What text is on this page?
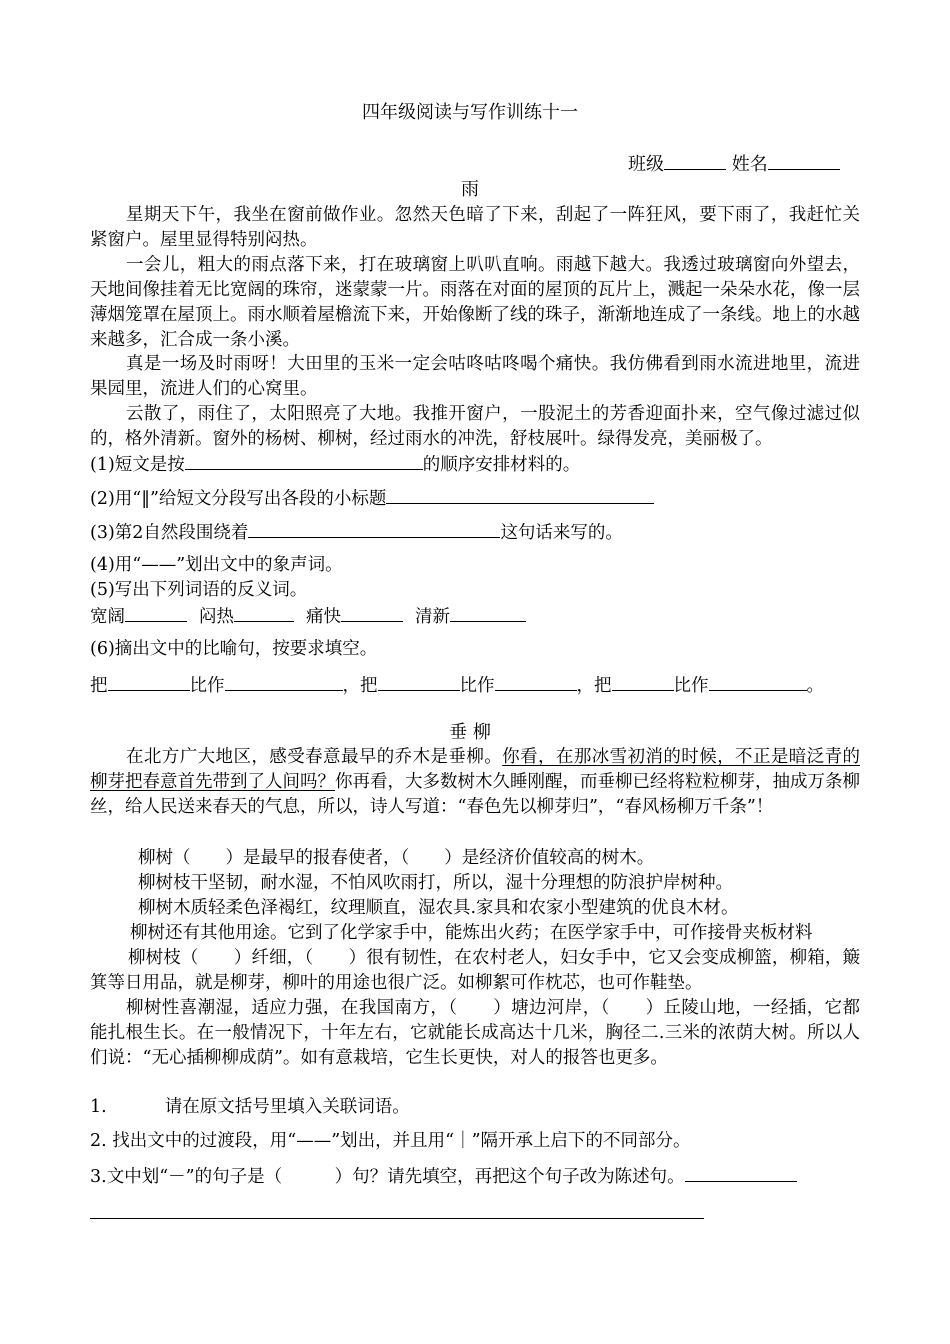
四年级阅读与写作训练十一
班级	姓名
雨
星期天下午，我坐在窗前做作业。忽然天色暗了下来，刮起了一阵狂风，要下雨了，我赶忙关紧窗户。屋里显得特别闷热。
一会儿，粗大的雨点落下来，打在玻璃窗上叭叭直响。雨越下越大。我透过玻璃窗向外望去，天地间像挂着无比宽阔的珠帘，迷蒙蒙一片。雨落在对面的屋顶的瓦片上，溅起一朵朵水花，像一层薄烟笼罩在屋顶上。雨水顺着屋檐流下来，开始像断了线的珠子，渐渐地连成了一条线。地上的水越来越多，汇合成一条小溪。
真是一场及时雨呀！大田里的玉米一定会咕咚咕咚喝个痛快。我仿佛看到雨水流进地里，流进果园里，流进人们的心窝里。
云散了，雨住了，太阳照亮了大地。我推开窗户，一股泥土的芳香迎面扑来，空气像过滤过似的，格外清新。窗外的杨树、柳树，经过雨水的冲洗，舒枝展叶。绿得发亮，美丽极了。
(1)短文是按	的顺序安排材料的。
(2)用“‖”给短文分段写出各段的小标题
(3)第2自然段围绕着	这句话来写的。
(4)用“——”划出文中的象声词。
(5)写出下列词语的反义词。
宽阔	闷热	痛快	清新
(6)摘出文中的比喻句，按要求填空。
把	比作	，把	比作	，把	比作	。
垂 柳
在北方广大地区，感受春意最早的乔木是垂柳。你看，在那冰雪初消的时候，不正是暗泛青的柳芽把春意首先带到了人间吗？你再看，大多数树木久睡刚醒，而垂柳已经将粒粒柳芽，抽成万条柳丝，给人民送来春天的气息，所以，诗人写道：“春色先以柳芽归”，“春风杨柳万千条”！
柳树（　　）是最早的报春使者，（　　）是经济价值较高的树木。
柳树枝干坚韧，耐水湿，不怕风吹雨打，所以，湿十分理想的防浪护岸树种。
柳树木质轻柔色泽褐红，纹理顺直，湿农具.家具和农家小型建筑的优良木材。
柳树还有其他用途。它到了化学家手中，能炼出火药；在医学家手中，可作接骨夹板材料
柳树枝（　　）纤细，（　　）很有韧性，在农村老人，妇女手中，它又会变成柳篮，柳箱，簸箕等日用品，就是柳芽，柳叶的用途也很广泛。如柳絮可作枕芯，也可作鞋垫。
柳树性喜潮湿，适应力强，在我国南方，（　　）塘边河岸，（　　）丘陵山地，一经插，它都能扎根生长。在一般情况下，十年左右，它就能长成高达十几米，胸径二.三米的浓荫大树。所以人们说：“无心插柳柳成荫”。如有意栽培，它生长更快，对人的报答也更多。
1.	请在原文括号里填入关联词语。
2. 找出文中的过渡段，用“——”划出，并且用“｜”隔开承上启下的不同部分。
3.文中划“－”的句子是（　　　）句？请先填空，再把这个句子改为陈述句。
